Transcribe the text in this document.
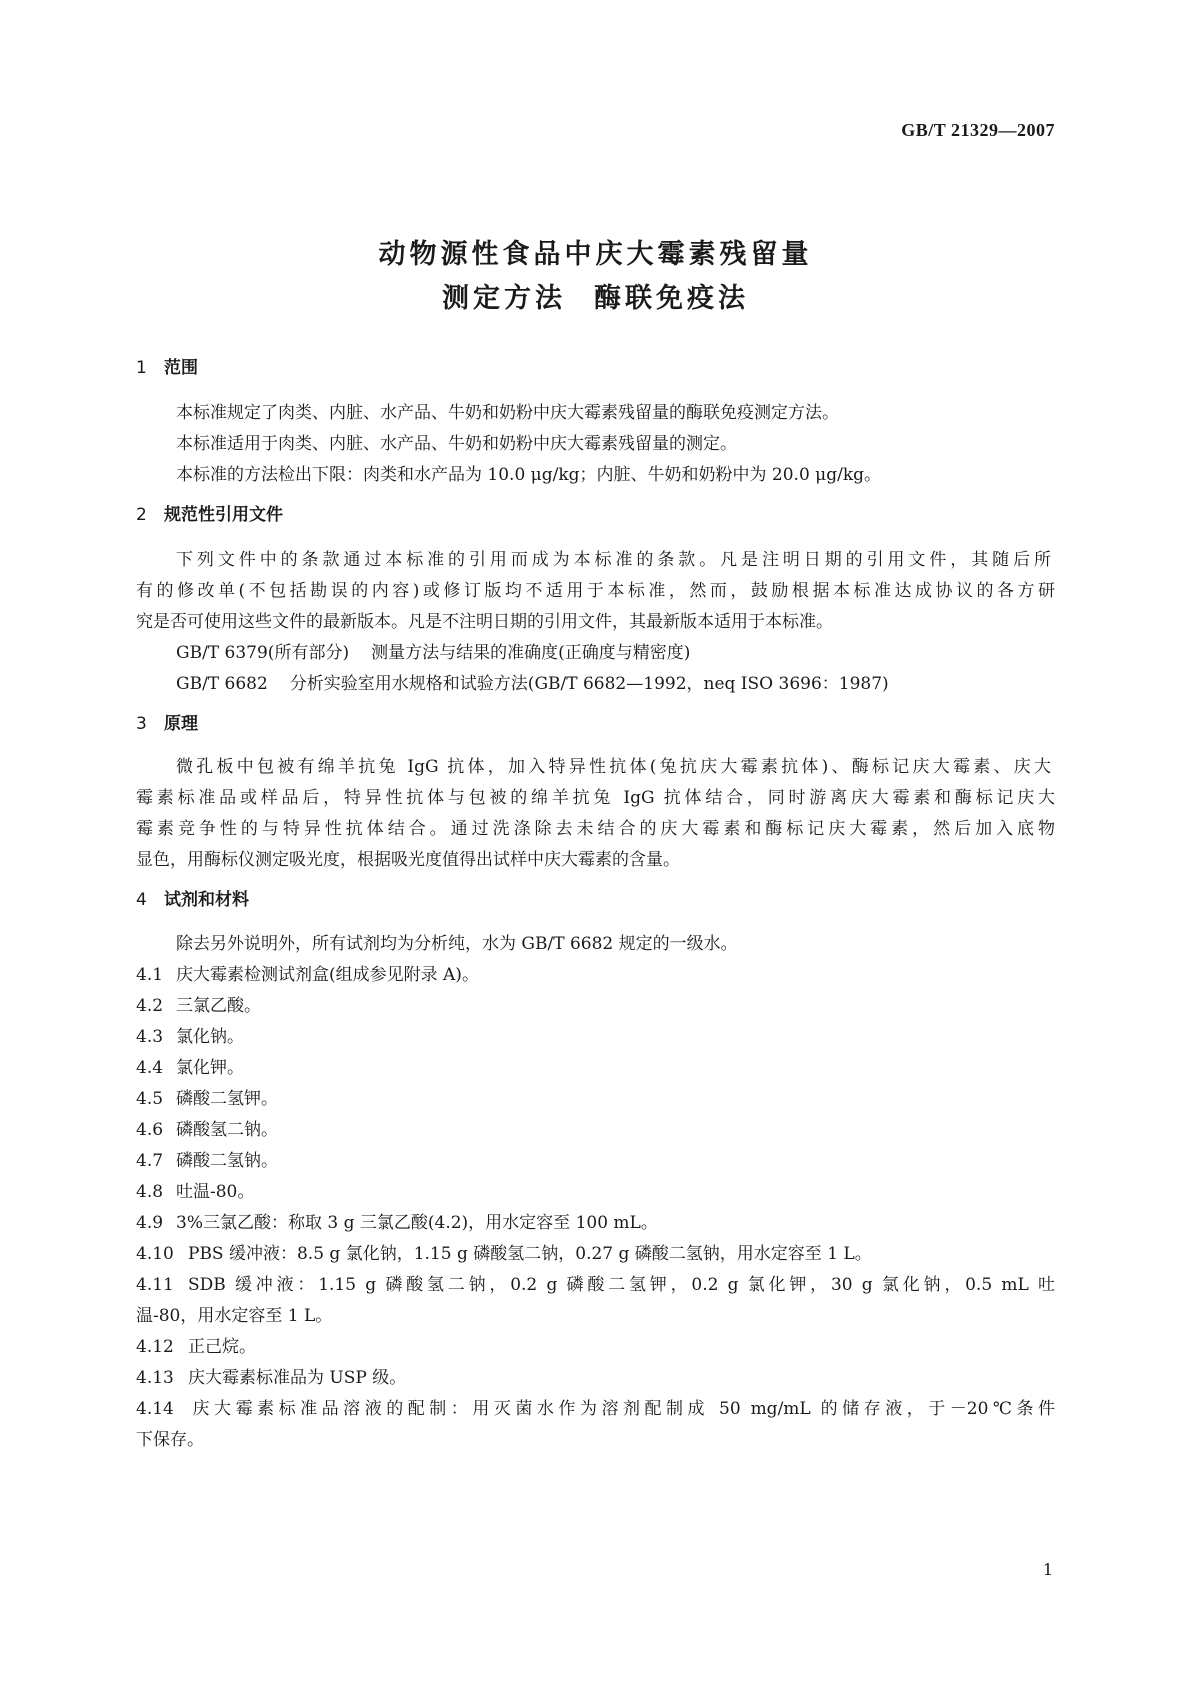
GB/T 21329—2007
动物源性食品中庆大霉素残留量
测定方法 酶联免疫法
1 范围
本标准规定了肉类、内脏、水产品、牛奶和奶粉中庆大霉素残留量的酶联免疫测定方法。
本标准适用于肉类、内脏、水产品、牛奶和奶粉中庆大霉素残留量的测定。
本标准的方法检出下限：肉类和水产品为 10.0 μg/kg；内脏、牛奶和奶粉中为 20.0 μg/kg。
2 规范性引用文件
下列文件中的条款通过本标准的引用而成为本标准的条款。凡是注明日期的引用文件，其随后所
有的修改单(不包括勘误的内容)或修订版均不适用于本标准，然而，鼓励根据本标准达成协议的各方研
究是否可使用这些文件的最新版本。凡是不注明日期的引用文件，其最新版本适用于本标准。
GB/T 6379(所有部分) 测量方法与结果的准确度(正确度与精密度)
GB/T 6682 分析实验室用水规格和试验方法(GB/T 6682—1992，neq ISO 3696：1987)
3 原理
微孔板中包被有绵羊抗兔 IgG 抗体，加入特异性抗体(兔抗庆大霉素抗体)、酶标记庆大霉素、庆大
霉素标准品或样品后，特异性抗体与包被的绵羊抗兔 IgG 抗体结合，同时游离庆大霉素和酶标记庆大
霉素竞争性的与特异性抗体结合。通过洗涤除去未结合的庆大霉素和酶标记庆大霉素，然后加入底物
显色，用酶标仪测定吸光度，根据吸光度值得出试样中庆大霉素的含量。
4 试剂和材料
除去另外说明外，所有试剂均为分析纯，水为 GB/T 6682 规定的一级水。
4.1 庆大霉素检测试剂盒(组成参见附录 A)。
4.2 三氯乙酸。
4.3 氯化钠。
4.4 氯化钾。
4.5 磷酸二氢钾。
4.6 磷酸氢二钠。
4.7 磷酸二氢钠。
4.8 吐温-80。
4.9 3%三氯乙酸：称取 3 g 三氯乙酸(4.2)，用水定容至 100 mL。
4.10 PBS 缓冲液：8.5 g 氯化钠，1.15 g 磷酸氢二钠，0.27 g 磷酸二氢钠，用水定容至 1 L。
4.11 SDB 缓冲液：1.15 g 磷酸氢二钠，0.2 g 磷酸二氢钾，0.2 g 氯化钾，30 g 氯化钠，0.5 mL 吐
温-80，用水定容至 1 L。
4.12 正己烷。
4.13 庆大霉素标准品为 USP 级。
4.14 庆大霉素标准品溶液的配制：用灭菌水作为溶剂配制成 50 mg/mL 的储存液，于－20℃条件
下保存。
1
